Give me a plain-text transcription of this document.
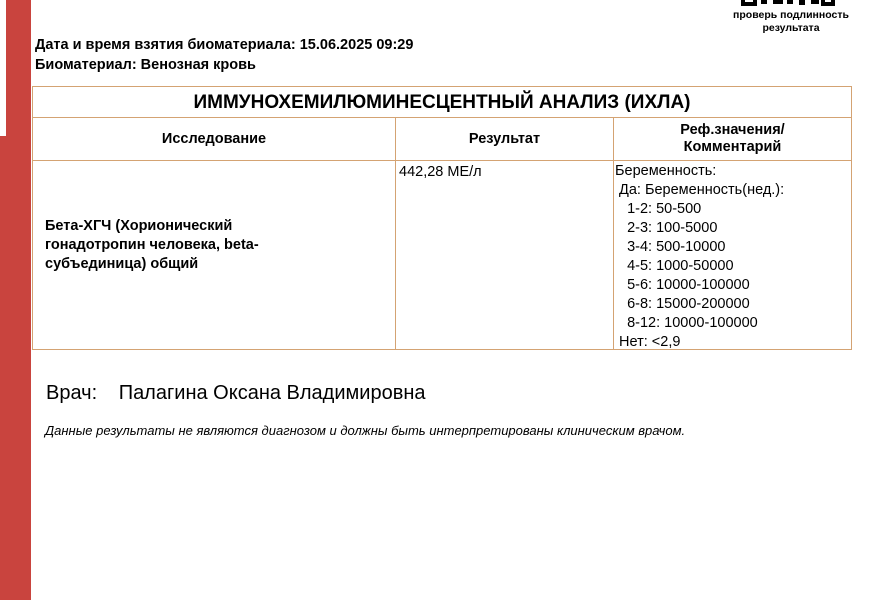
проверь подлинность
результата
Дата и время взятия биоматериала: 15.06.2025 09:29
Биоматериал: Венозная кровь
ИММУНОХЕМИЛЮМИНЕСЦЕНТНЫЙ АНАЛИЗ (ИХЛА)
Исследование	Результат
Реф.значения/
Комментарий
Бета-ХГЧ (Хорионический гонадотропин человека, beta-субъединица) общий
442,28 МЕ/л	Беременность:
Да: Беременность(нед.):
1-2: 50-500
2-3: 100-5000
3-4: 500-10000
4-5: 1000-50000
5-6: 10000-100000
6-8: 15000-200000
8-12: 10000-100000
Нет: <2,9
Врач: Палагина Оксана Владимировна
Данные результаты не являются диагнозом и должны быть интерпретированы клиническим врачом.
